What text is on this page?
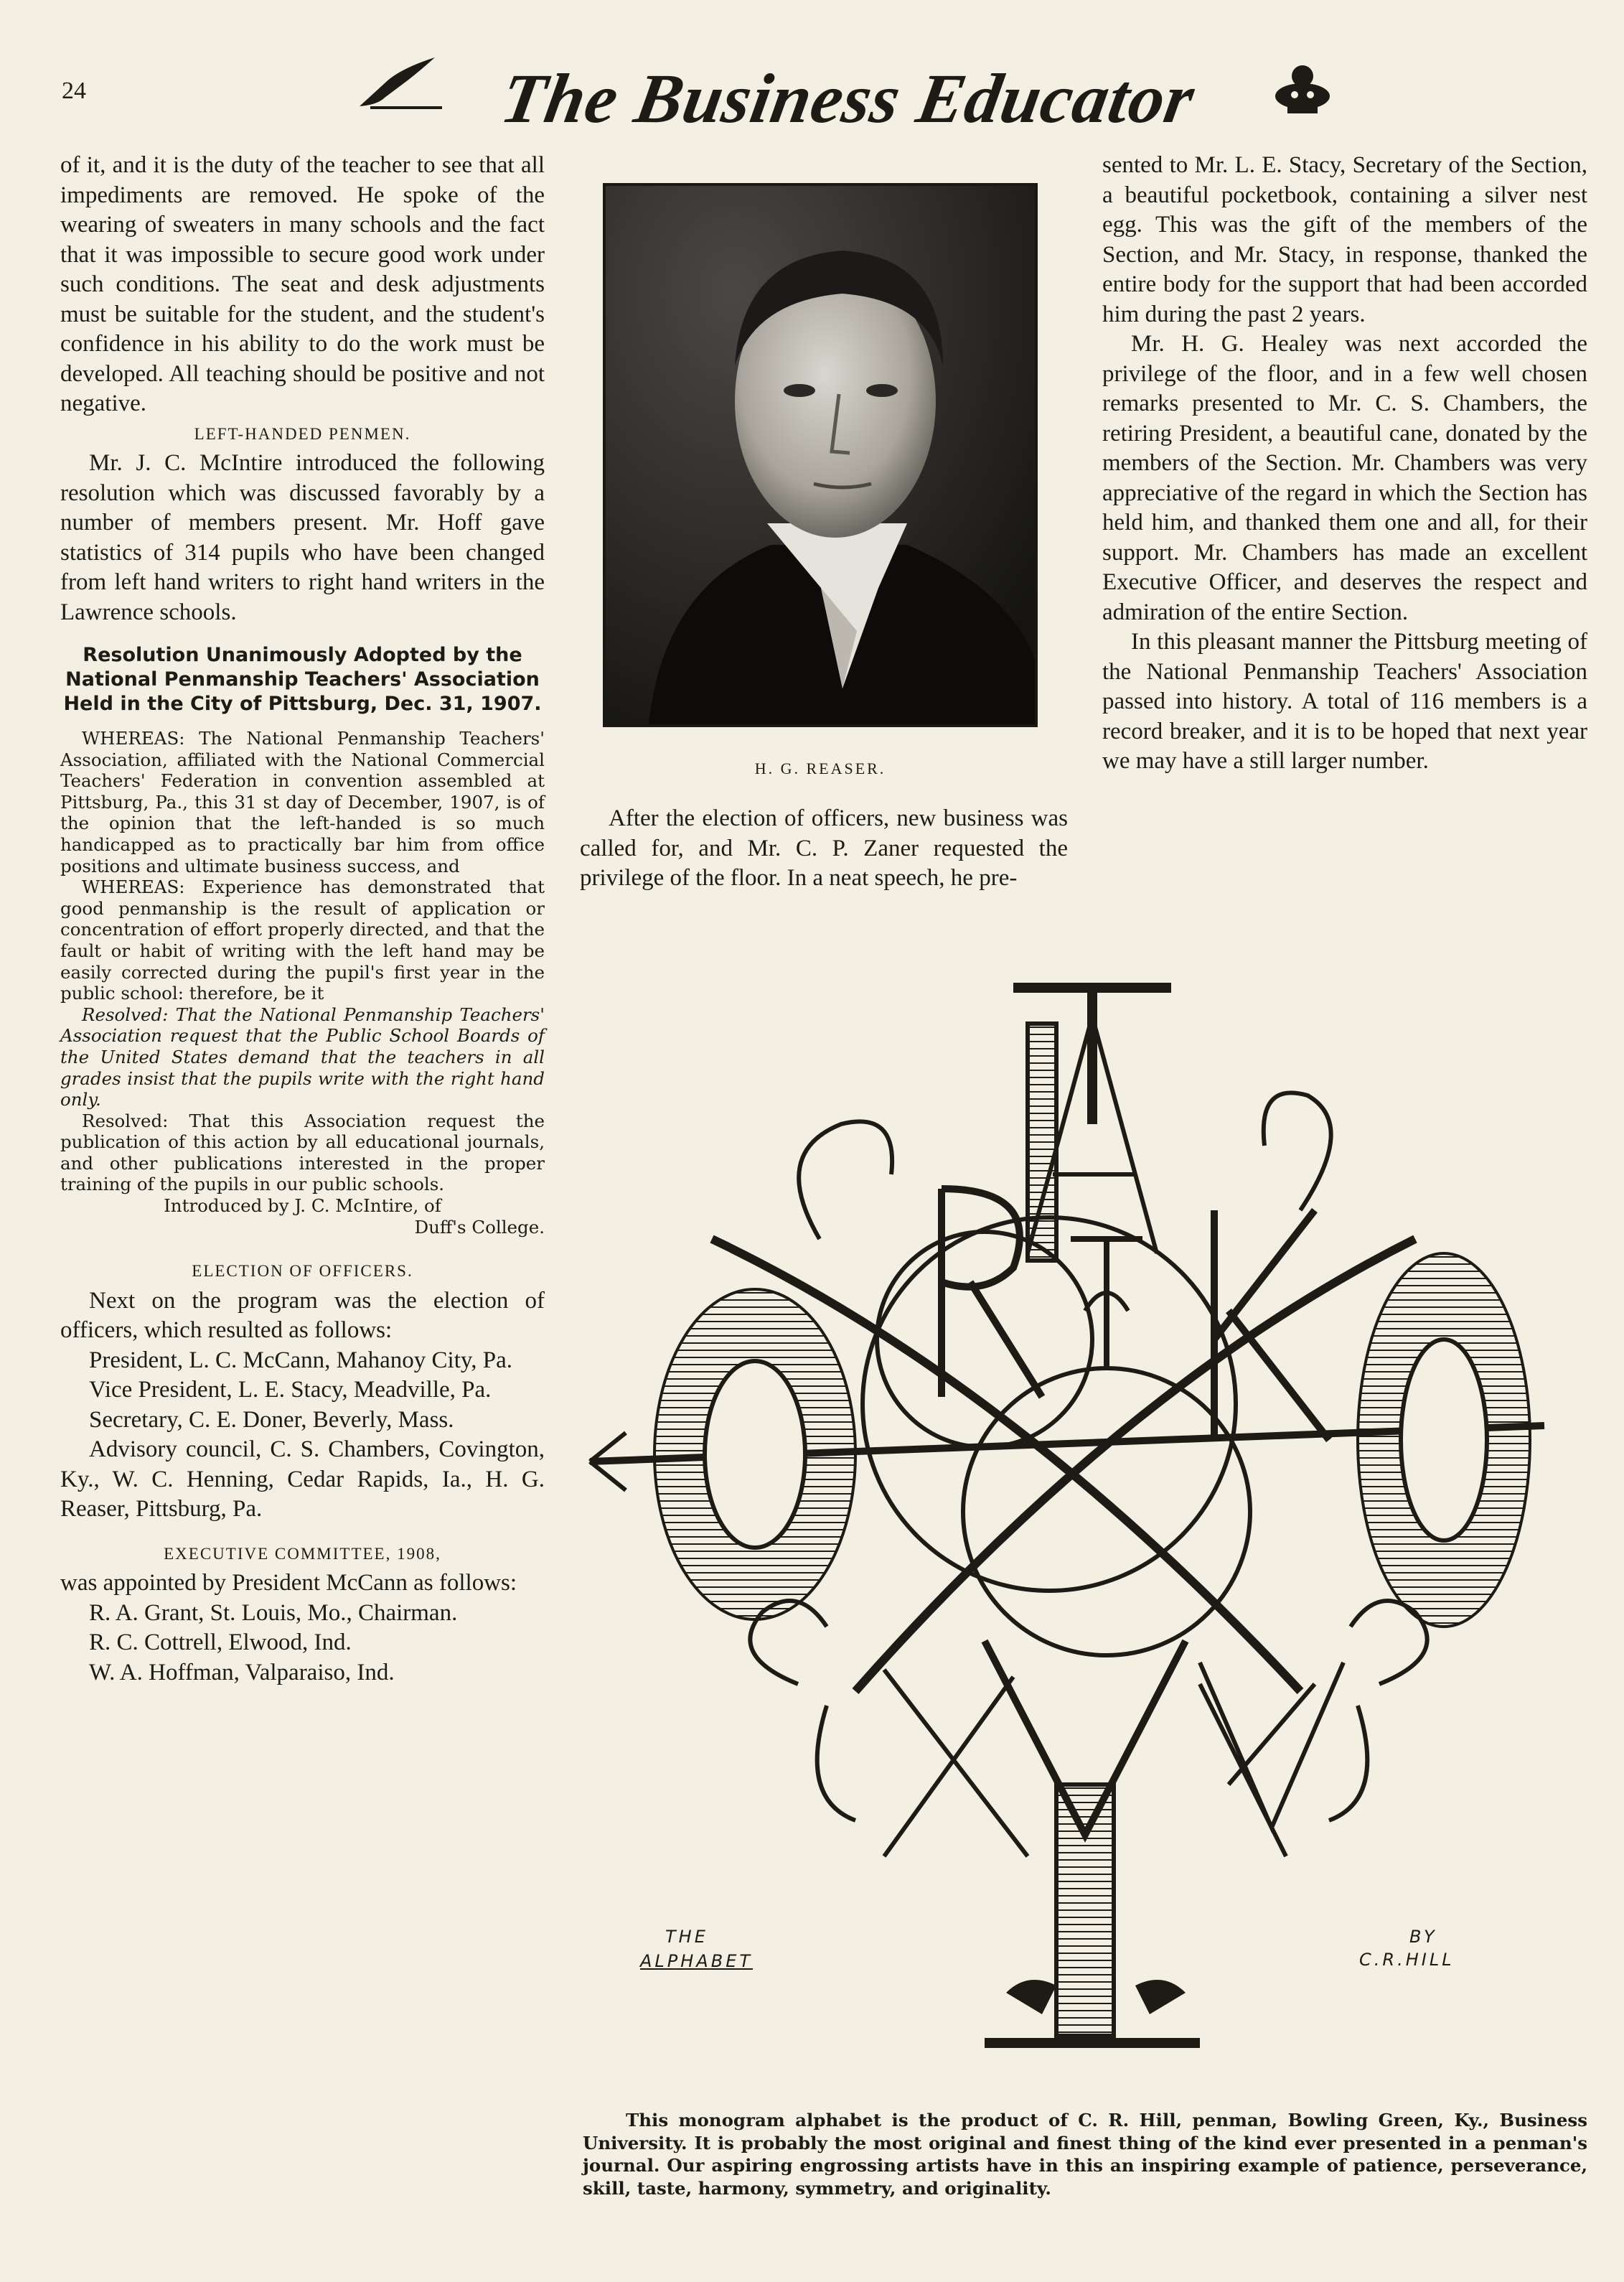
24	The Business Educator

of it, and it is the duty of the teacher to see that all impediments are removed. He spoke of the wearing of sweaters in many schools and the fact that it was impossible to secure good work under such conditions. The seat and desk adjustments must be suitable for the student, and the student's confidence in his ability to do the work must be developed. All teaching should be positive and not negative.

LEFT-HANDED PENMEN.

Mr. J. C. McIntire introduced the following resolution which was discussed favorably by a number of members present. Mr. Hoff gave statistics of 314 pupils who have been changed from left hand writers to right hand writers in the Lawrence schools.

Resolution Unanimously Adopted by the National Penmanship Teachers' Association Held in the City of Pittsburg, Dec. 31, 1907.

WHEREAS: The National Penmanship Teachers' Association, affiliated with the National Commercial Teachers' Federation in convention assembled at Pittsburg, Pa., this 31 st day of December, 1907, is of the opinion that the left-handed is so much handicapped as to practically bar him from office positions and ultimate business success, and

WHEREAS: Experience has demonstrated that good penmanship is the result of application or concentration of effort properly directed, and that the fault or habit of writing with the left hand may be easily corrected during the pupil's first year in the public school: therefore, be it

Resolved: That the National Penmanship Teachers' Association request that the Public School Boards of the United States demand that the teachers in all grades insist that the pupils write with the right hand only.

Resolved: That this Association request the publication of this action by all educational journals, and other publications interested in the proper training of the pupils in our public schools.

Introduced by J. C. McIntire, of

Duff's College.

ELECTION OF OFFICERS.

Next on the program was the election of officers, which resulted as follows:

President, L. C. McCann, Mahanoy City, Pa.

Vice President, L. E. Stacy, Meadville, Pa.

Secretary, C. E. Doner, Beverly, Mass.

Advisory council, C. S. Chambers, Covington, Ky., W. C. Henning, Cedar Rapids, Ia., H. G. Reaser, Pittsburg, Pa.

EXECUTIVE COMMITTEE, 1908,

was appointed by President McCann as follows:

R. A. Grant, St. Louis, Mo., Chairman.

R. C. Cottrell, Elwood, Ind.

W. A. Hoffman, Valparaiso, Ind.

H. G. REASER.

After the election of officers, new business was called for, and Mr. C. P. Zaner requested the privilege of the floor. In a neat speech, he pre-

sented to Mr. L. E. Stacy, Secretary of the Section, a beautiful pocketbook, containing a silver nest egg. This was the gift of the members of the Section, and Mr. Stacy, in response, thanked the entire body for the support that had been accorded him during the past 2 years.

Mr. H. G. Healey was next accorded the privilege of the floor, and in a few well chosen remarks presented to Mr. C. S. Chambers, the retiring President, a beautiful cane, donated by the members of the Section. Mr. Chambers was very appreciative of the regard in which the Section has held him, and thanked them one and all, for their support. Mr. Chambers has made an excellent Executive Officer, and deserves the respect and admiration of the entire Section.

In this pleasant manner the Pittsburg meeting of the National Penmanship Teachers' Association passed into history. A total of 116 members is a record breaker, and it is to be hoped that next year we may have a still larger number.

THE
ALPHABET
BY
C.R.HILL
This monogram alphabet is the product of C. R. Hill, penman, Bowling Green, Ky., Business University. It is probably the most original and finest thing of the kind ever presented in a penman's journal. Our aspiring engrossing artists have in this an inspiring example of patience, perseverance, skill, taste, harmony, symmetry, and originality.
